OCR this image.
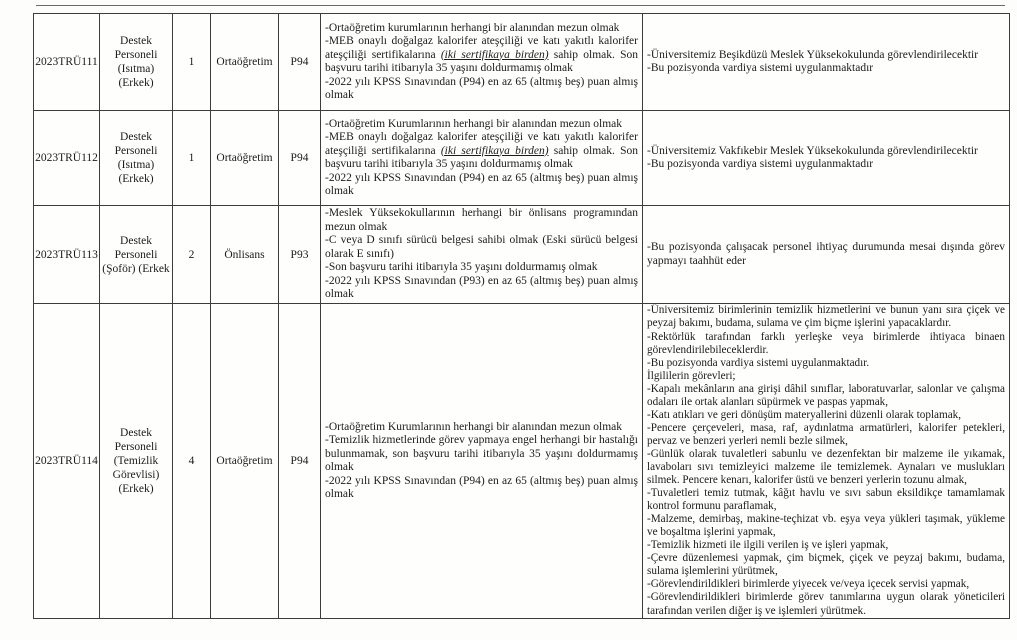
2023TRÜ111
Destek Personeli (Isıtma) (Erkek)
1 Ortaöğretim P94
-Ortaöğretim kurumlarının herhangi bir alanından mezun olmak
-MEB onaylı doğalgaz kalorifer ateşçiliği ve katı yakıtlı kalorifer ateşçiliği sertifikalarına (iki sertifikaya birden) sahip olmak. Son başvuru tarihi itibarıyla 35 yaşını doldurmamış olmak
-2022 yılı KPSS Sınavından (P94) en az 65 (altmış beş) puan almış olmak
-Üniversitemiz Beşikdüzü Meslek Yüksekokulunda görevlendirilecektir
-Bu pozisyonda vardiya sistemi uygulanmaktadır
2023TRÜ112
Destek Personeli (Isıtma) (Erkek)
1 Ortaöğretim P94
-Ortaöğretim Kurumlarının herhangi bir alanından mezun olmak
-MEB onaylı doğalgaz kalorifer ateşçiliği ve katı yakıtlı kalorifer ateşçiliği sertifikalarına (iki sertifikaya birden) sahip olmak. Son başvuru tarihi itibarıyla 35 yaşını doldurmamış olmak
-2022 yılı KPSS Sınavından (P94) en az 65 (altmış beş) puan almış olmak
-Üniversitemiz Vakfıkebir Meslek Yüksekokulunda görevlendirilecektir
-Bu pozisyonda vardiya sistemi uygulanmaktadır
2023TRÜ113
Destek Personeli (Şoför) (Erkek
2	Önlisans P93
-Meslek Yüksekokullarının herhangi bir önlisans programından mezun olmak
-C veya D sınıfı sürücü belgesi sahibi olmak (Eski sürücü belgesi olarak E sınıfı)
-Son başvuru tarihi itibarıyla 35 yaşını doldurmamış olmak
-2022 yılı KPSS Sınavından (P93) en az 65 (altmış beş) puan almış olmak
-Bu pozisyonda çalışacak personel ihtiyaç durumunda mesai dışında görev yapmayı taahhüt eder
2023TRÜ114
Destek Personeli (Temizlik Görevlisi) (Erkek)
4 Ortaöğretim P94
-Ortaöğretim Kurumlarının herhangi bir alanından mezun olmak
-Temizlik hizmetlerinde görev yapmaya engel herhangi bir hastalığı bulunmamak, son başvuru tarihi itibarıyla 35 yaşını doldurmamış olmak
-2022 yılı KPSS Sınavından (P94) en az 65 (altmış beş) puan almış olmak
-Üniversitemiz birimlerinin temizlik hizmetlerini ve bunun yanı sıra çiçek ve peyzaj bakımı, budama, sulama ve çim biçme işlerini yapacaklardır.
-Rektörlük tarafından farklı yerleşke veya birimlerde ihtiyaca binaen görevlendirilebileceklerdir.
-Bu pozisyonda vardiya sistemi uygulanmaktadır.
İlgililerin görevleri;
-Kapalı mekânların ana girişi dâhil sınıflar, laboratuvarlar, salonlar ve çalışma odaları ile ortak alanları süpürmek ve paspas yapmak,
-Katı atıkları ve geri dönüşüm materyallerini düzenli olarak toplamak,
-Pencere çerçeveleri, masa, raf, aydınlatma armatürleri, kalorifer petekleri, pervaz ve benzeri yerleri nemli bezle silmek,
-Günlük olarak tuvaletleri sabunlu ve dezenfektan bir malzeme ile yıkamak, lavaboları sıvı temizleyici malzeme ile temizlemek. Aynaları ve muslukları silmek. Pencere kenarı, kalorifer üstü ve benzeri yerlerin tozunu almak,
-Tuvaletleri temiz tutmak, kâğıt havlu ve sıvı sabun eksildikçe tamamlamak kontrol formunu paraflamak,
-Malzeme, demirbaş, makine-teçhizat vb. eşya veya yükleri taşımak, yükleme ve boşaltma işlerini yapmak,
-Temizlik hizmeti ile ilgili verilen iş ve işleri yapmak,
-Çevre düzenlemesi yapmak, çim biçmek, çiçek ve peyzaj bakımı, budama, sulama işlemlerini yürütmek,
-Görevlendirildikleri birimlerde yiyecek ve/veya içecek servisi yapmak,
-Görevlendirildikleri birimlerde görev tanımlarına uygun olarak yöneticileri tarafından verilen diğer iş ve işlemleri yürütmek.
